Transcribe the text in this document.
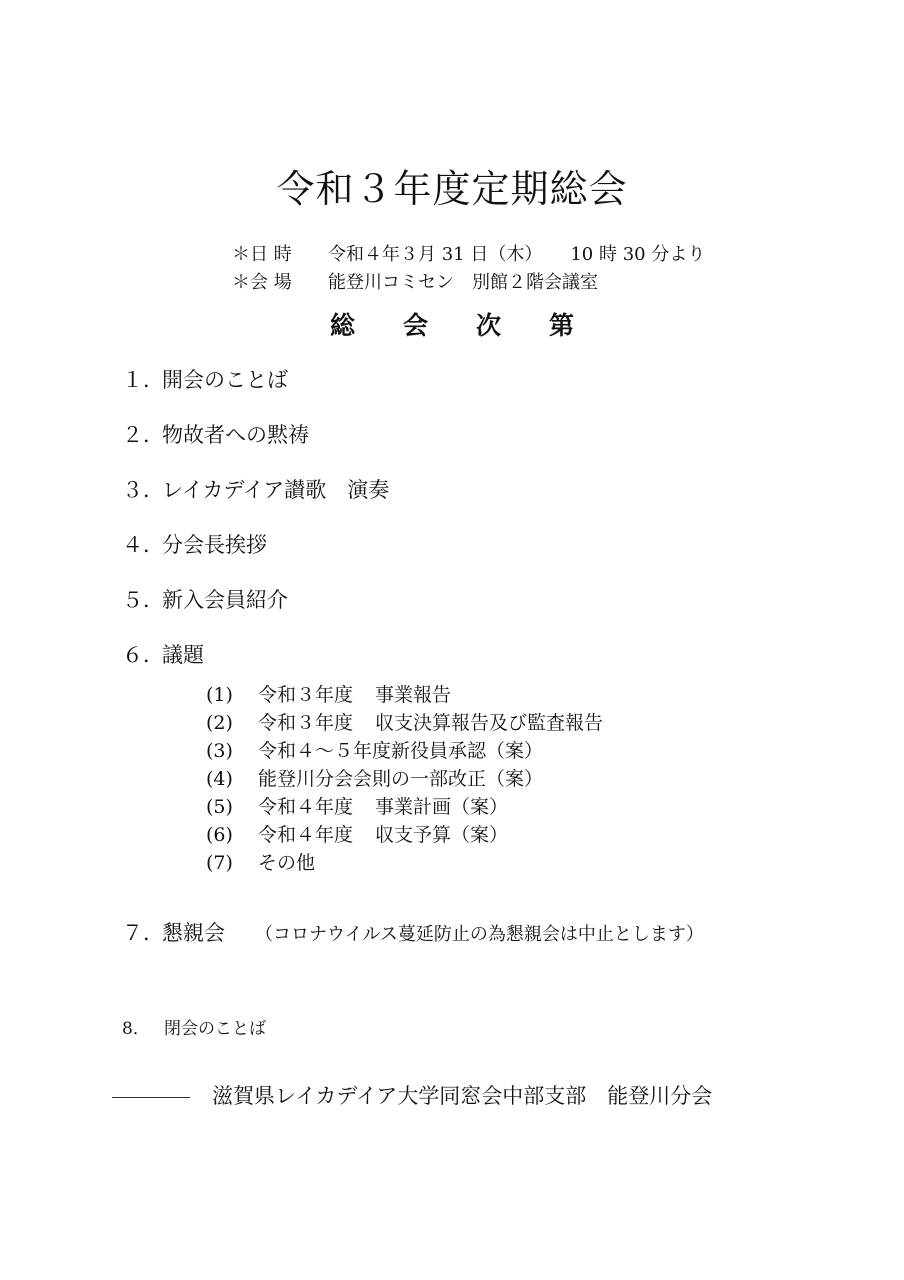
令和３年度定期総会
＊日 時 令和４年３月 31 日（木） 10 時 30 分より
＊会 場 能登川コミセン　別館２階会議室
総会次第
１．開会のことば
２．物故者への黙祷
３．レイカデイア讃歌　演奏
４．分会長挨拶
５．新入会員紹介
６．議題
(1) 令和３年度 事業報告
(2) 令和３年度 収支決算報告及び監査報告
(3) 令和４～５年度新役員承認（案）
(4) 能登川分会会則の一部改正（案）
(5) 令和４年度 事業計画（案）
(6) 令和４年度 収支予算（案）
(7) その他
７．懇親会 （コロナウイルス蔓延防止の為懇親会は中止とします）
8． 閉会のことば
滋賀県レイカデイア大学同窓会中部支部　能登川分会
